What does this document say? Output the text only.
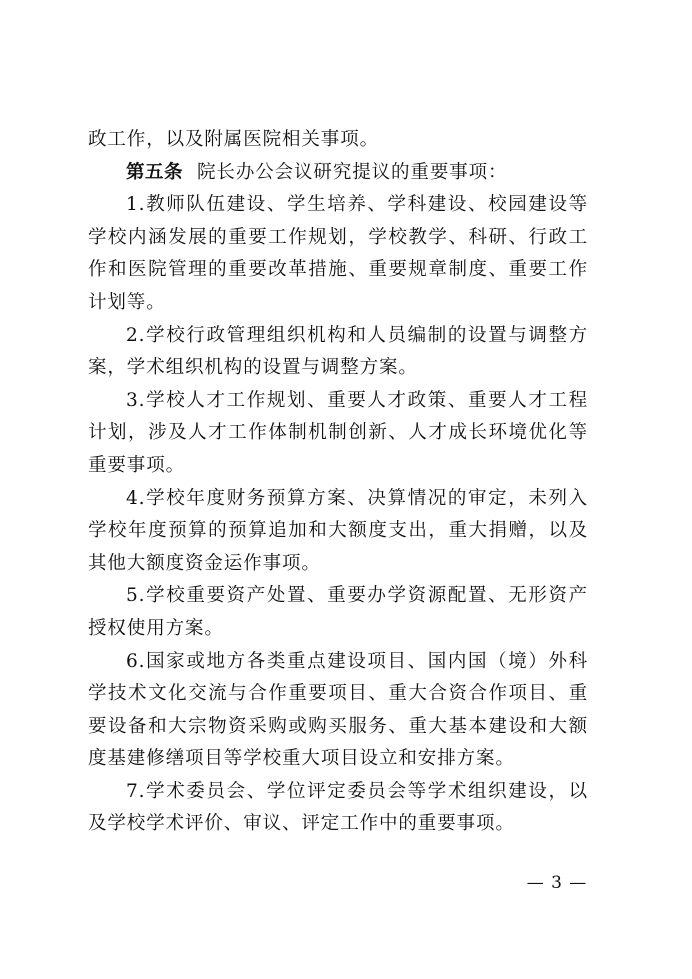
政工作，以及附属医院相关事项。

第五条 院长办公会议研究提议的重要事项：

1.教师队伍建设、学生培养、学科建设、校园建设等学校内涵发展的重要工作规划，学校教学、科研、行政工作和医院管理的重要改革措施、重要规章制度、重要工作计划等。

2.学校行政管理组织机构和人员编制的设置与调整方案，学术组织机构的设置与调整方案。

3.学校人才工作规划、重要人才政策、重要人才工程计划，涉及人才工作体制机制创新、人才成长环境优化等重要事项。

4.学校年度财务预算方案、决算情况的审定，未列入学校年度预算的预算追加和大额度支出，重大捐赠，以及其他大额度资金运作事项。

5.学校重要资产处置、重要办学资源配置、无形资产授权使用方案。

6.国家或地方各类重点建设项目、国内国（境）外科学技术文化交流与合作重要项目、重大合资合作项目、重要设备和大宗物资采购或购买服务、重大基本建设和大额度基建修缮项目等学校重大项目设立和安排方案。

7.学术委员会、学位评定委员会等学术组织建设，以及学校学术评价、审议、评定工作中的重要事项。

— 3 —
